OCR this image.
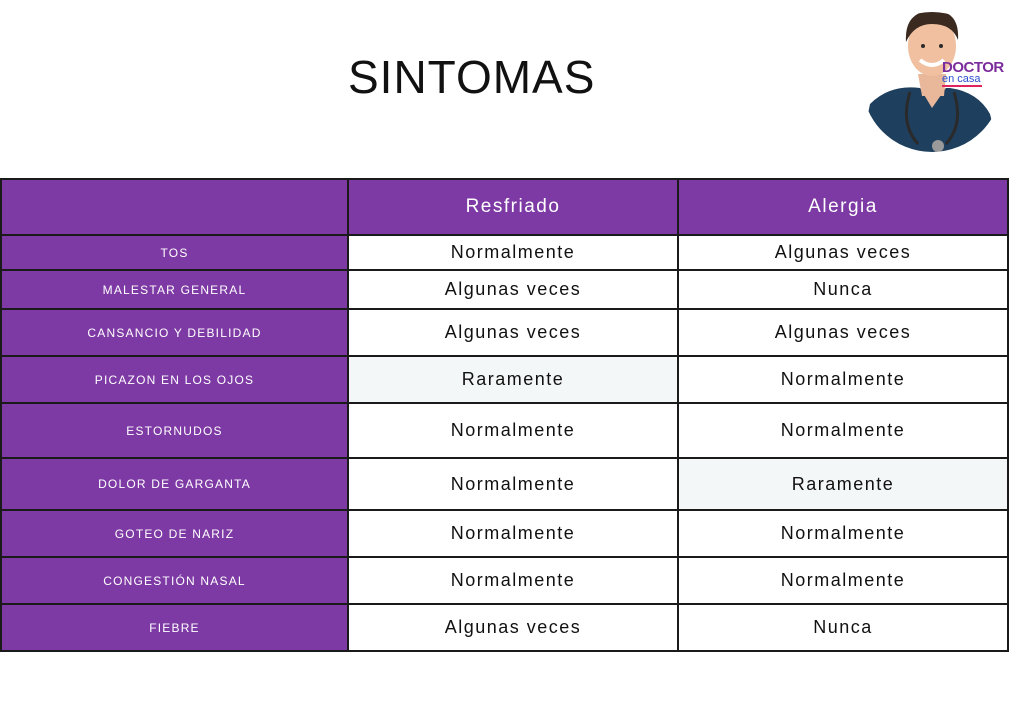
SINTOMAS	DOCTOR
en casa
	Resfriado	Alergia
TOS	Normalmente	Algunas veces
MALESTAR GENERAL	Algunas veces	Nunca
CANSANCIO Y DEBILIDAD	Algunas veces	Algunas veces
PICAZON EN LOS OJOS	Raramente	Normalmente
ESTORNUDOS	Normalmente	Normalmente
DOLOR DE GARGANTA	Normalmente	Raramente
GOTEO DE NARIZ	Normalmente	Normalmente
CONGESTIÓN NASAL	Normalmente	Normalmente
FIEBRE	Algunas veces	Nunca
